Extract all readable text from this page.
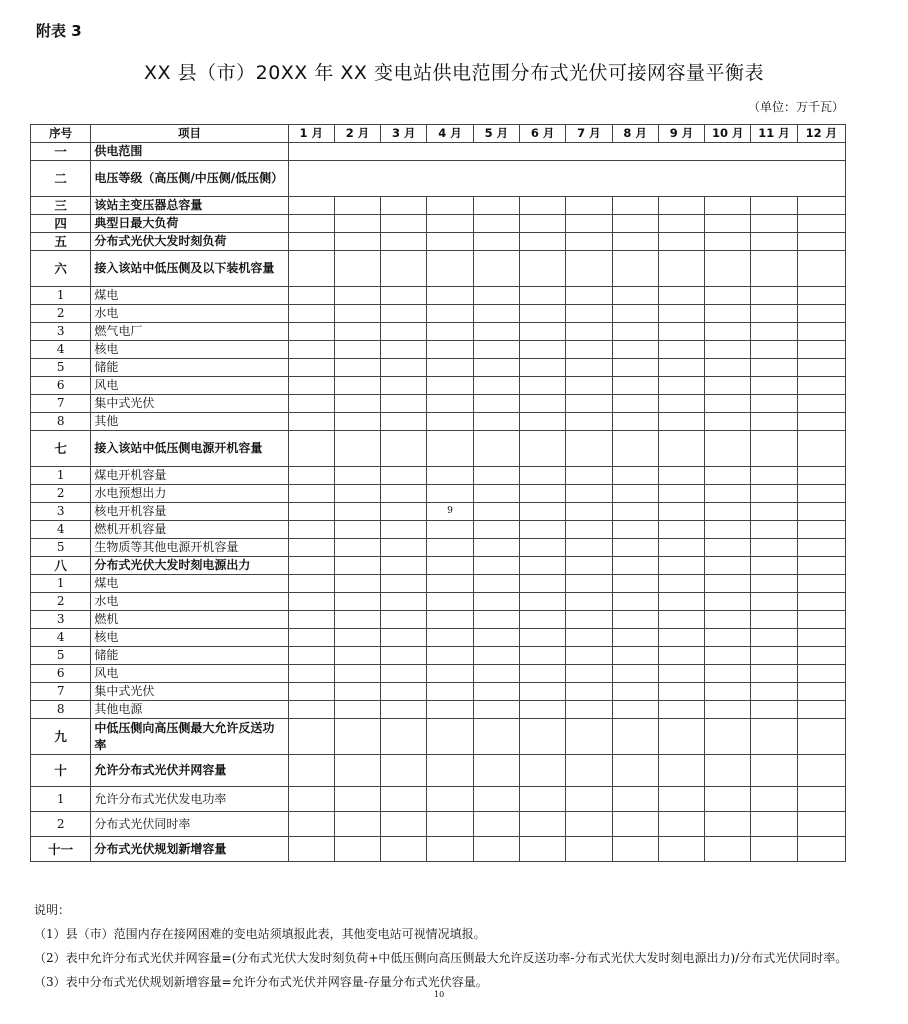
附表 3
XX 县（市）20XX 年 XX 变电站供电范围分布式光伏可接网容量平衡表
（单位：万千瓦）
序号	项目	1 月	2 月	3 月	4 月	5 月	6 月	7 月	8 月	9 月	10 月	11 月	12 月
一	供电范围												
二	电压等级（高压侧/中压侧/低压侧）												
三	该站主变压器总容量												
四	典型日最大负荷												
五	分布式光伏大发时刻负荷												
六	接入该站中低压侧及以下装机容量												
1	煤电												
2	水电												
3	燃气电厂												
4	核电												
5	储能												
6	风电												
7	集中式光伏												
8	其他												
七	接入该站中低压侧电源开机容量												
1	煤电开机容量												
2	水电预想出力												
3	核电开机容量				9								
4	燃机开机容量												
5	生物质等其他电源开机容量												
八	分布式光伏大发时刻电源出力												
1	煤电												
2	水电												
3	燃机												
4	核电												
5	储能												
6	风电												
7	集中式光伏												
8	其他电源												
九	中低压侧向高压侧最大允许反送功率												
十	允许分布式光伏并网容量												
1	允许分布式光伏发电功率												
2	分布式光伏同时率												
十一	分布式光伏规划新增容量												
说明：
（1）县（市）范围内存在接网困难的变电站须填报此表，其他变电站可视情况填报。
（2）表中允许分布式光伏并网容量=(分布式光伏大发时刻负荷+中低压侧向高压侧最大允许反送功率-分布式光伏大发时刻电源出力)/分布式光伏同时率。
（3）表中分布式光伏规划新增容量=允许分布式光伏并网容量-存量分布式光伏容量。
10
